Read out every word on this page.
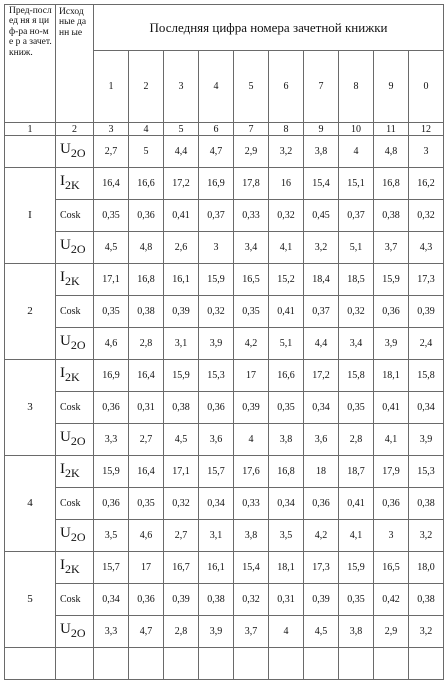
Пред-послед ня я циф-ра но-м е р а зачет. книж.	Исход ные данн ые	Последняя цифра номера зачетной книжки									
		1	2	3	4	5	6	7	8	9	0
1	2	3	4	5	6	7	8	9	10	11	12
	$U_{2O}$	2,7	5	4,4	4,7	2,9	3,2	3,8	4	4,8	3

I	$I_{2K}$	16,4	16,6	17,2	16,9	17,8	16	15,4	15,1	16,8	16,2

	Cosk	0,35	0,36	0,41	0,37	0,33	0,32	0,45	0,37	0,38	0,32

	$U_{2O}$	4,5	4,8	2,6	3	3,4	4,1	3,2	5,1	3,7	4,3

2	$I_{2K}$	17,1	16,8	16,1	15,9	16,5	15,2	18,4	18,5	15,9	17,3

	Cosk	0,35	0,38	0,39	0,32	0,35	0,41	0,37	0,32	0,36	0,39

	$U_{2O}$	4,6	2,8	3,1	3,9	4,2	5,1	4,4	3,4	3,9	2,4

3	$I_{2K}$	16,9	16,4	15,9	15,3	17	16,6	17,2	15,8	18,1	15,8

	Cosk	0,36	0,31	0,38	0,36	0,39	0,35	0,34	0,35	0,41	0,34

	$U_{2O}$	3,3	2,7	4,5	3,6	4	3,8	3,6	2,8	4,1	3,9

4	$I_{2K}$	15,9	16,4	17,1	15,7	17,6	16,8	18	18,7	17,9	15,3

	Cosk	0,36	0,35	0,32	0,34	0,33	0,34	0,36	0,41	0,36	0,38

	$U_{2O}$	3,5	4,6	2,7	3,1	3,8	3,5	4,2	4,1	3	3,2

5	$I_{2K}$	15,7	17	16,7	16,1	15,4	18,1	17,3	15,9	16,5	18,0

	Cosk	0,34	0,36	0,39	0,38	0,32	0,31	0,39	0,35	0,42	0,38

	$U_{2O}$	3,3	4,7	2,8	3,9	3,7	4	4,5	3,8	2,9	3,2
